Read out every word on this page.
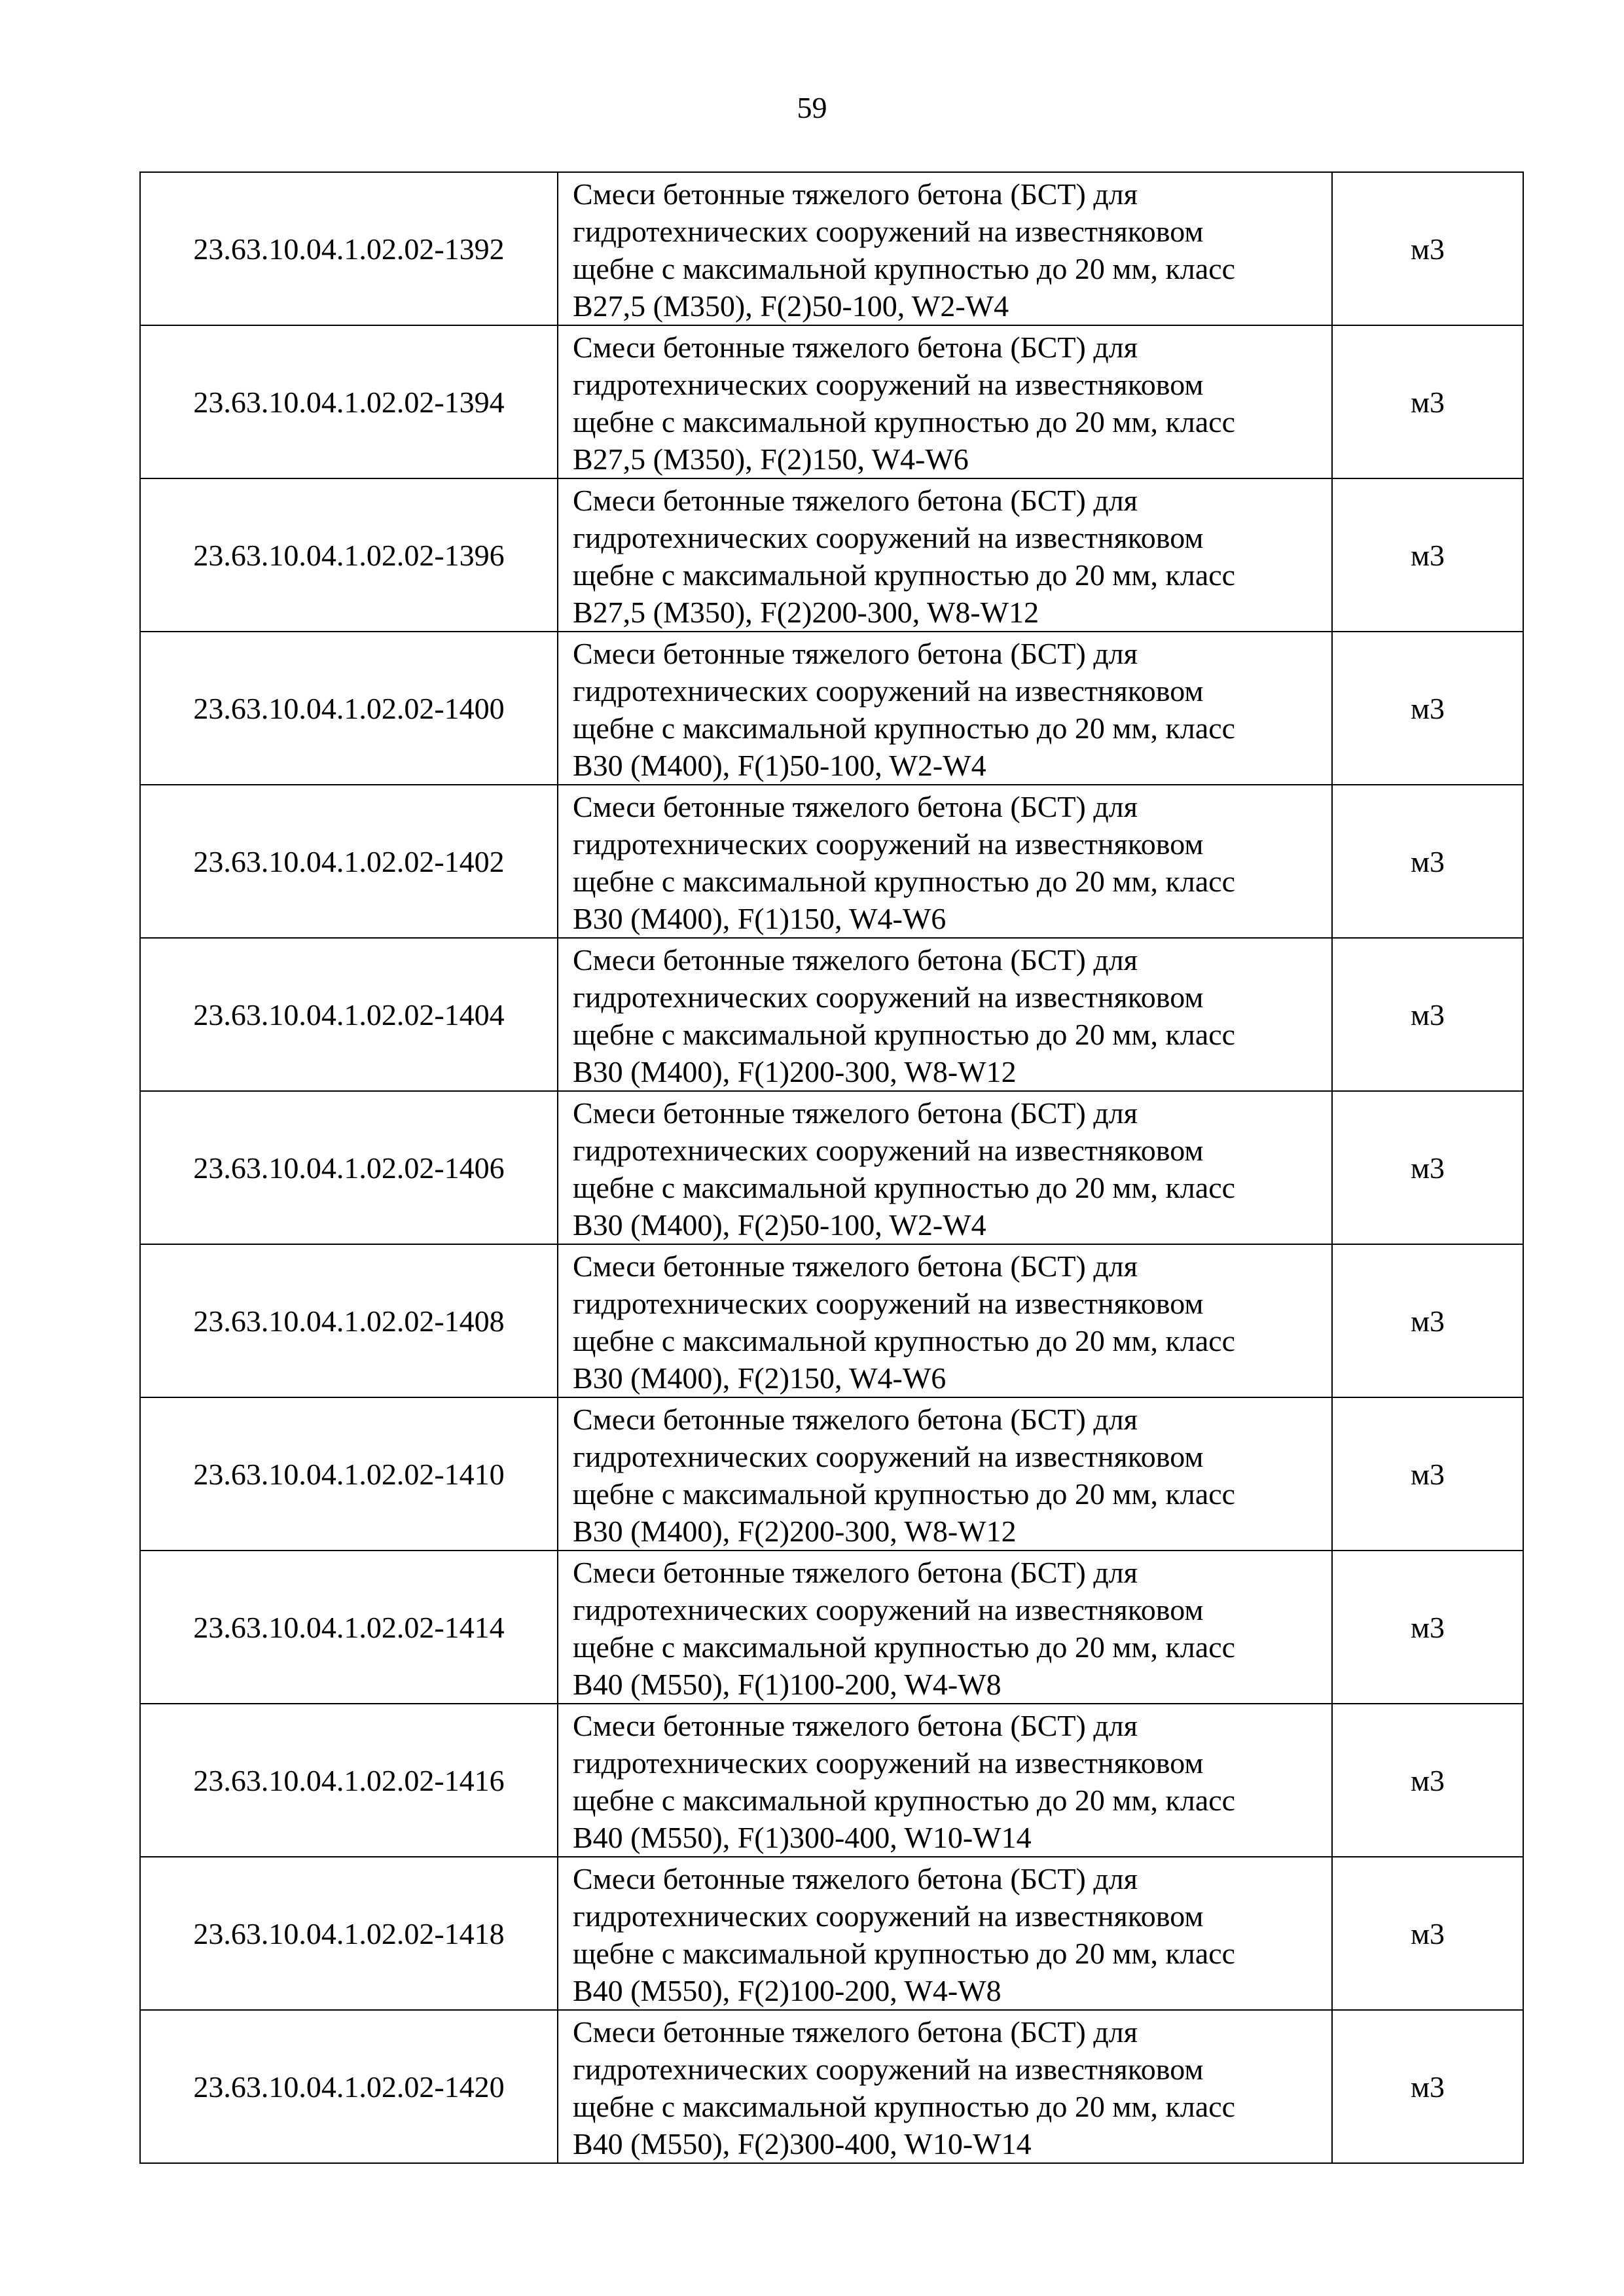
59
23.63.10.04.1.02.02-1392	Смеси бетонные тяжелого бетона (БСТ) для
гидротехнических сооружений на известняковом
щебне с максимальной крупностью до 20 мм, класс
В27,5 (М350), F(2)50-100, W2-W4	м3
23.63.10.04.1.02.02-1394	Смеси бетонные тяжелого бетона (БСТ) для
гидротехнических сооружений на известняковом
щебне с максимальной крупностью до 20 мм, класс
В27,5 (М350), F(2)150, W4-W6	м3
23.63.10.04.1.02.02-1396	Смеси бетонные тяжелого бетона (БСТ) для
гидротехнических сооружений на известняковом
щебне с максимальной крупностью до 20 мм, класс
В27,5 (М350), F(2)200-300, W8-W12	м3
23.63.10.04.1.02.02-1400	Смеси бетонные тяжелого бетона (БСТ) для
гидротехнических сооружений на известняковом
щебне с максимальной крупностью до 20 мм, класс
В30 (М400), F(1)50-100, W2-W4	м3
23.63.10.04.1.02.02-1402	Смеси бетонные тяжелого бетона (БСТ) для
гидротехнических сооружений на известняковом
щебне с максимальной крупностью до 20 мм, класс
В30 (М400), F(1)150, W4-W6	м3
23.63.10.04.1.02.02-1404	Смеси бетонные тяжелого бетона (БСТ) для
гидротехнических сооружений на известняковом
щебне с максимальной крупностью до 20 мм, класс
В30 (М400), F(1)200-300, W8-W12	м3
23.63.10.04.1.02.02-1406	Смеси бетонные тяжелого бетона (БСТ) для
гидротехнических сооружений на известняковом
щебне с максимальной крупностью до 20 мм, класс
В30 (М400), F(2)50-100, W2-W4	м3
23.63.10.04.1.02.02-1408	Смеси бетонные тяжелого бетона (БСТ) для
гидротехнических сооружений на известняковом
щебне с максимальной крупностью до 20 мм, класс
В30 (М400), F(2)150, W4-W6	м3
23.63.10.04.1.02.02-1410	Смеси бетонные тяжелого бетона (БСТ) для
гидротехнических сооружений на известняковом
щебне с максимальной крупностью до 20 мм, класс
В30 (М400), F(2)200-300, W8-W12	м3
23.63.10.04.1.02.02-1414	Смеси бетонные тяжелого бетона (БСТ) для
гидротехнических сооружений на известняковом
щебне с максимальной крупностью до 20 мм, класс
В40 (М550), F(1)100-200, W4-W8	м3
23.63.10.04.1.02.02-1416	Смеси бетонные тяжелого бетона (БСТ) для
гидротехнических сооружений на известняковом
щебне с максимальной крупностью до 20 мм, класс
В40 (М550), F(1)300-400, W10-W14	м3
23.63.10.04.1.02.02-1418	Смеси бетонные тяжелого бетона (БСТ) для
гидротехнических сооружений на известняковом
щебне с максимальной крупностью до 20 мм, класс
В40 (М550), F(2)100-200, W4-W8	м3
23.63.10.04.1.02.02-1420	Смеси бетонные тяжелого бетона (БСТ) для
гидротехнических сооружений на известняковом
щебне с максимальной крупностью до 20 мм, класс
В40 (М550), F(2)300-400, W10-W14	м3
